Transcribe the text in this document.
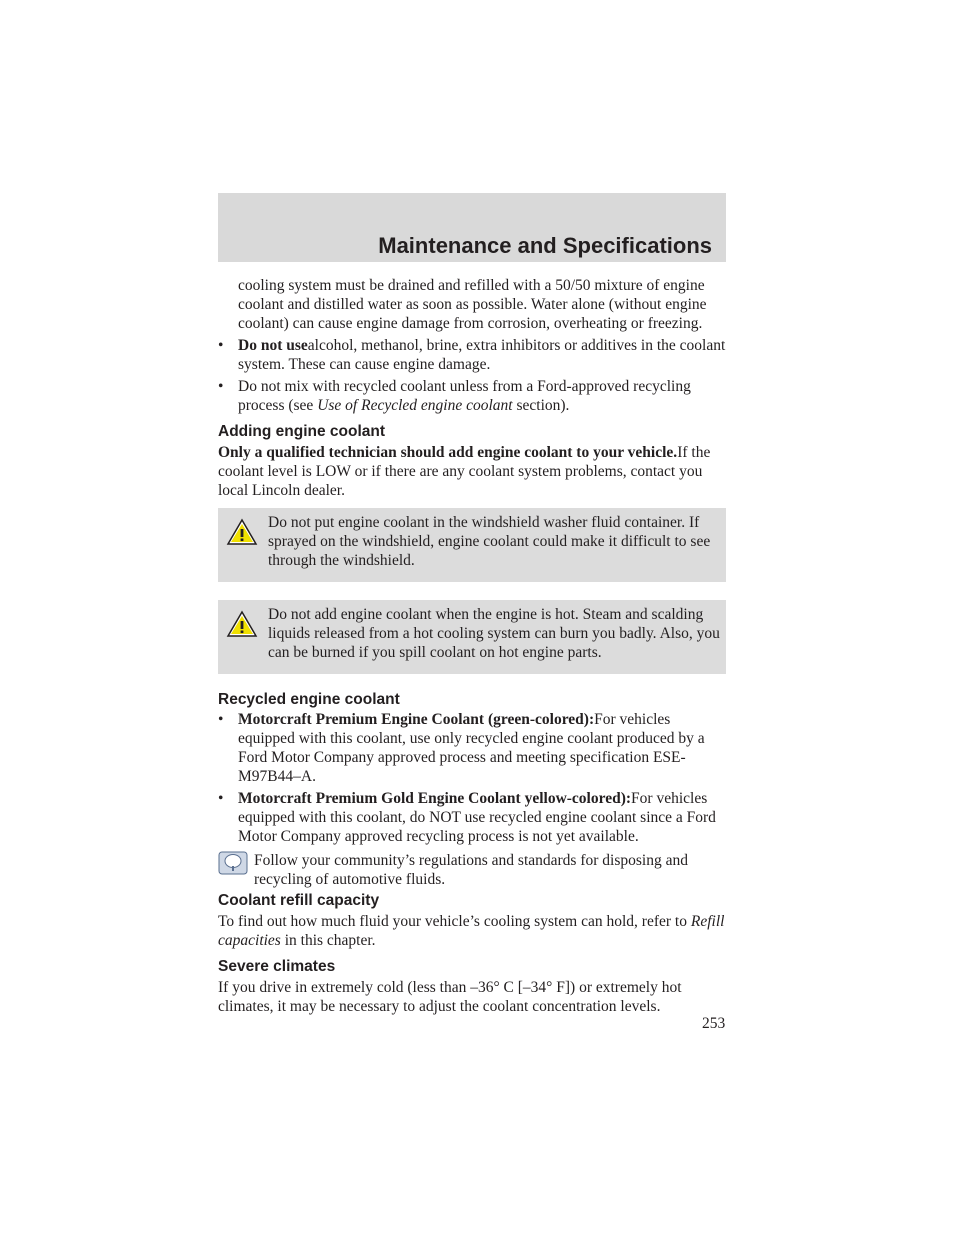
Maintenance and Specifications

cooling system must be drained and refilled with a 50/50 mixture of engine coolant and distilled water as soon as possible. Water alone (without engine coolant) can cause engine damage from corrosion, overheating or freezing.

• Do not usealcohol, methanol, brine, extra inhibitors or additives in the coolant system. These can cause engine damage.
• Do not mix with recycled coolant unless from a Ford-approved recycling process (see Use of Recycled engine coolant section).
Adding engine coolant

Only a qualified technician should add engine coolant to your vehicle.If the coolant level is LOW or if there are any coolant system problems, contact you local Lincoln dealer.

Do not put engine coolant in the windshield washer fluid container. If sprayed on the windshield, engine coolant could make it difficult to see through the windshield.
Do not add engine coolant when the engine is hot. Steam and scalding liquids released from a hot cooling system can burn you badly. Also, you can be burned if you spill coolant on hot engine parts.
Recycled engine coolant
• Motorcraft Premium Engine Coolant (green-colored):For vehicles equipped with this coolant, use only recycled engine coolant produced by a Ford Motor Company approved process and meeting specification ESE-M97B44–A.
• Motorcraft Premium Gold Engine Coolant yellow-colored):For vehicles equipped with this coolant, do NOT use recycled engine coolant since a Ford Motor Company approved recycling process is not yet available.
Follow your community’s regulations and standards for disposing and recycling of automotive fluids.
Coolant refill capacity

To find out how much fluid your vehicle’s cooling system can hold, refer to Refill capacities in this chapter.

Severe climates

If you drive in extremely cold (less than –36° C [–34° F]) or extremely hot climates, it may be necessary to adjust the coolant concentration levels.

253
